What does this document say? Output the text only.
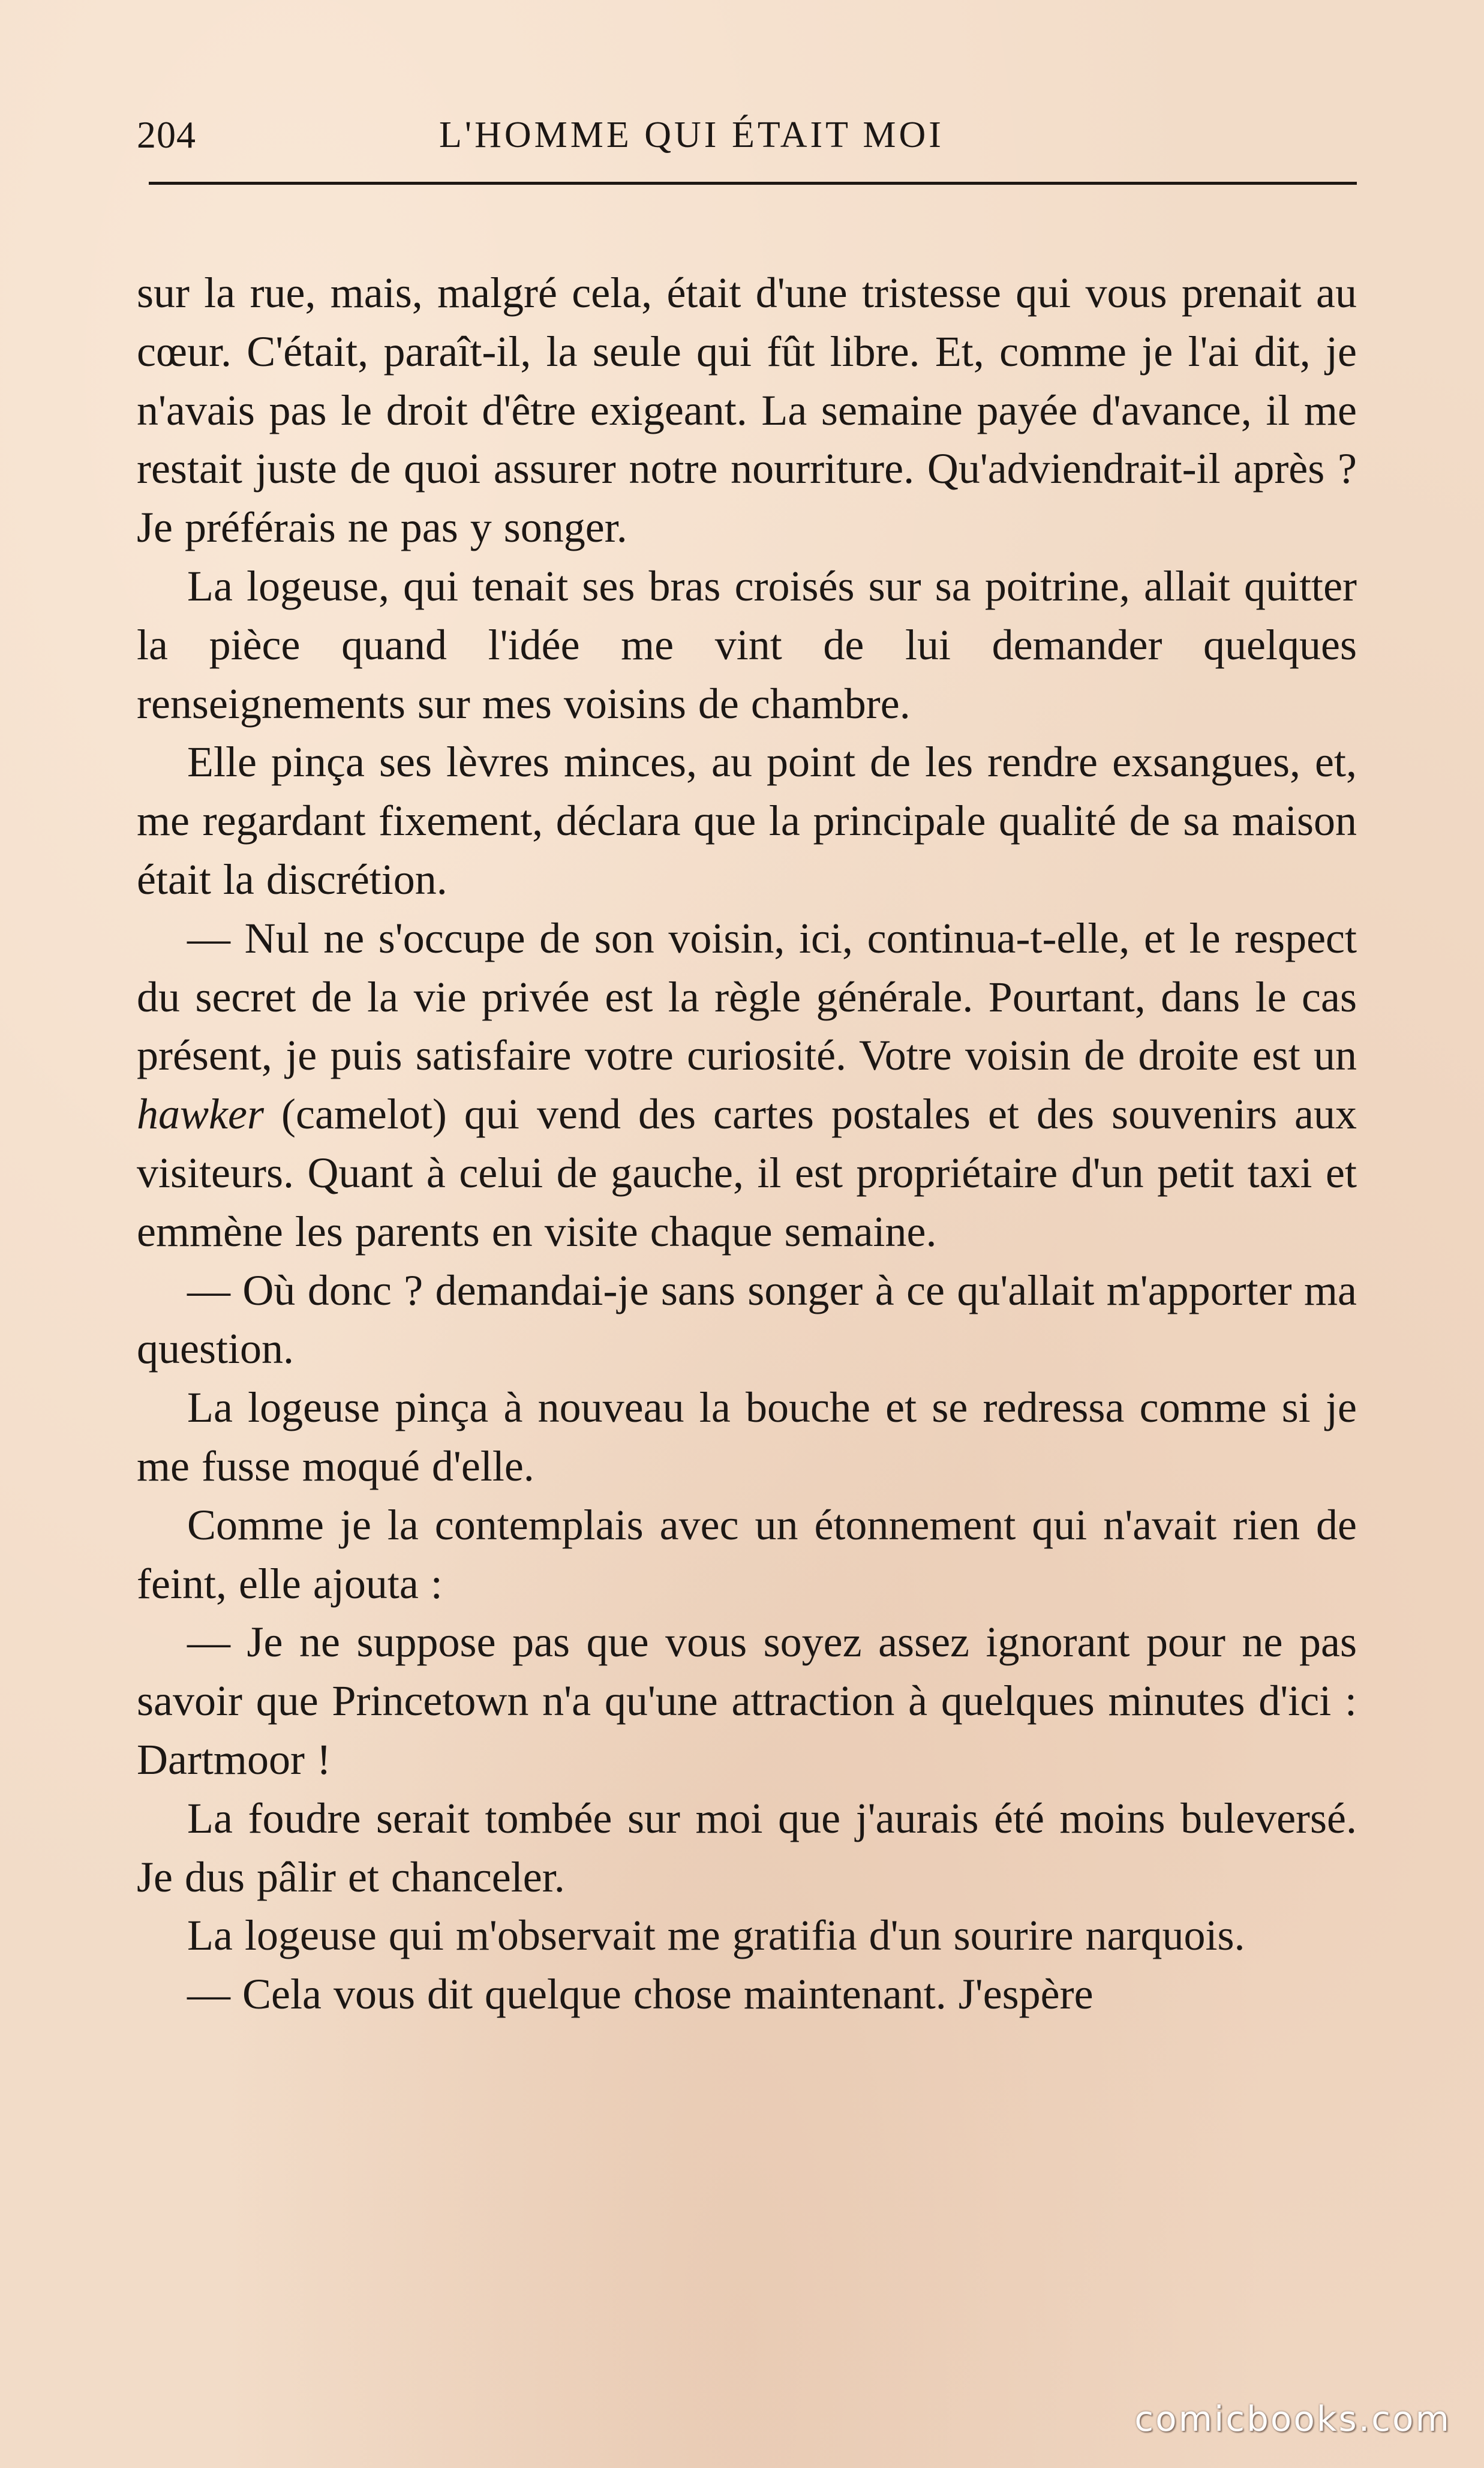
204	L'HOMME QUI ÉTAIT MOI

sur la rue, mais, malgré cela, était d'une tristesse qui vous prenait au cœur. C'était, paraît-il, la seule qui fût libre. Et, comme je l'ai dit, je n'avais pas le droit d'être exigeant. La semaine payée d'avance, il me restait juste de quoi assurer notre nourriture. Qu'adviendrait-il après ? Je préférais ne pas y songer.

La logeuse, qui tenait ses bras croisés sur sa poitrine, allait quitter la pièce quand l'idée me vint de lui demander quelques renseignements sur mes voisins de chambre.

Elle pinça ses lèvres minces, au point de les rendre exsangues, et, me regardant fixement, déclara que la principale qualité de sa maison était la discrétion.

— Nul ne s'occupe de son voisin, ici, continua-t-elle, et le respect du secret de la vie privée est la règle générale. Pourtant, dans le cas présent, je puis satisfaire votre curiosité. Votre voisin de droite est un hawker (camelot) qui vend des cartes postales et des souvenirs aux visiteurs. Quant à celui de gauche, il est propriétaire d'un petit taxi et emmène les parents en visite chaque semaine.

— Où donc ? demandai-je sans songer à ce qu'allait m'apporter ma question.

La logeuse pinça à nouveau la bouche et se redressa comme si je me fusse moqué d'elle.

Comme je la contemplais avec un étonnement qui n'avait rien de feint, elle ajouta :

— Je ne suppose pas que vous soyez assez ignorant pour ne pas savoir que Princetown n'a qu'une attraction à quelques minutes d'ici : Dartmoor !

La foudre serait tombée sur moi que j'aurais été moins buleversé. Je dus pâlir et chanceler.

La logeuse qui m'observait me gratifia d'un sourire narquois.

— Cela vous dit quelque chose maintenant. J'espère

comicbooks.com
